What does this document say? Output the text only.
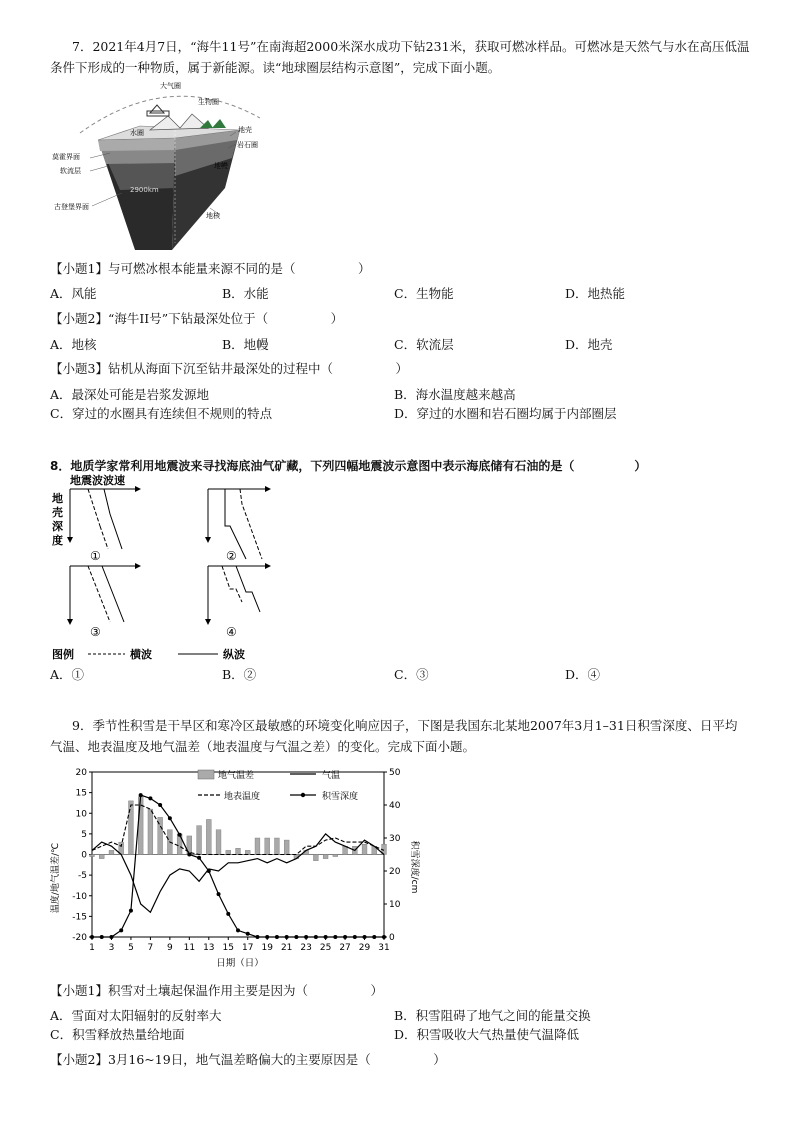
7．2021年4月7日，“海牛11号”在南海超2000米深水成功下钻231米，获取可燃冰样品。可燃冰是天然气与水在高压低温
条件下形成的一种物质，属于新能源。读“地球圈层结构示意图”，完成下面小题。
大气圈
生物圈
水圈	地壳
岩石圈
莫霍界面
软流层
地幔
2900km
古登堡界面
地核
【小题1】与可燃冰根本能量来源不同的是（　　　　　）
A．风能	B．水能	C．生物能	D．地热能
【小题2】“海牛II号”下钻最深处位于（　　　　　）
A．地核	B．地幔	C．软流层	D．地壳
【小题3】钻机从海面下沉至钻井最深处的过程中（　　　　　）
A．最深处可能是岩浆发源地	B．海水温度越来越高
C．穿过的水圈具有连续但不规则的特点	D．穿过的水圈和岩石圈均属于内部圈层
8．地质学家常利用地震波来寻找海底油气矿藏，下列四幅地震波示意图中表示海底储有石油的是（　　　　　）
地震波波速
地
壳
深
度
①	②
③	④
图例	横波	纵波
A．①	B．②	C．③	D．④
9．季节性积雪是干旱区和寒冷区最敏感的环境变化响应因子，下图是我国东北某地2007年3月1–31日积雪深度、日平均
气温、地表温度及地气温差（地表温度与气温之差）的变化。完成下面小题。
-20
-15
-10
-5
0
5
10
15
20
0
10
20
30
40
50
1 3 5 7 9 11 13 15 17 19 21 23 25 27 29 31
地气温差	气温
地表温度	积雪深度
温度/地气温差/℃	积雪深度/cm
日期（日）
【小题1】积雪对土壤起保温作用主要是因为（　　　　　）
A．雪面对太阳辐射的反射率大	B．积雪阻碍了地气之间的能量交换
C．积雪释放热量给地面	D．积雪吸收大气热量使气温降低
【小题2】3月16~19日，地气温差略偏大的主要原因是（　　　　　）
